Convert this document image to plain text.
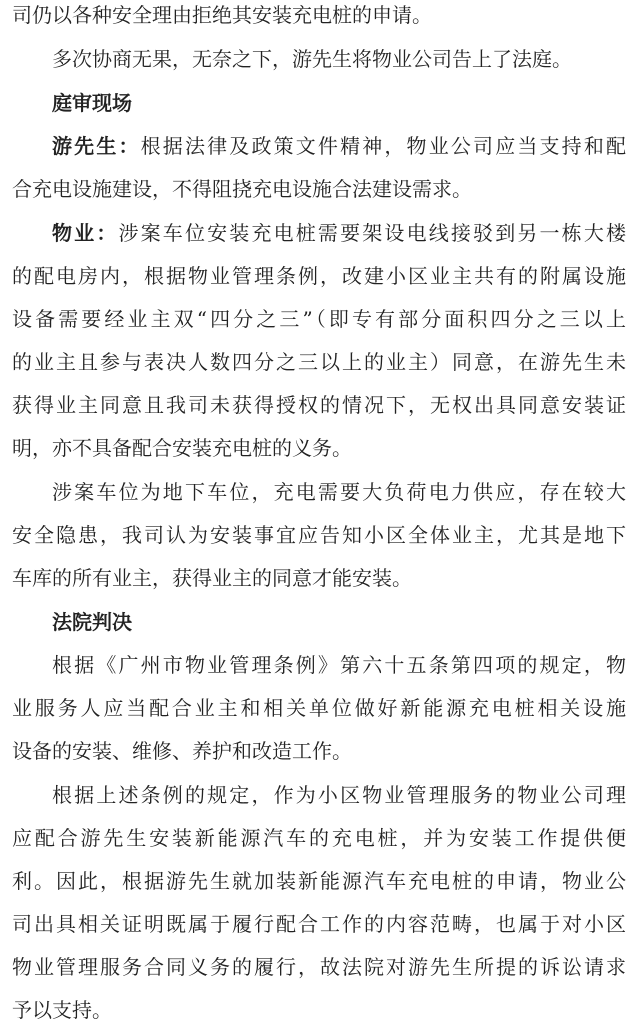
司仍以各种安全理由拒绝其安装充电桩的申请。
多次协商无果，无奈之下，游先生将物业公司告上了法庭。
庭审现场
游先生：根据法律及政策文件精神，物业公司应当支持和配
合充电设施建设，不得阻挠充电设施合法建设需求。
物业：涉案车位安装充电桩需要架设电线接驳到另一栋大楼
的配电房内，根据物业管理条例，改建小区业主共有的附属设施
设备需要经业主双“四分之三”（即专有部分面积四分之三以上
的业主且参与表决人数四分之三以上的业主）同意，在游先生未
获得业主同意且我司未获得授权的情况下，无权出具同意安装证
明，亦不具备配合安装充电桩的义务。
涉案车位为地下车位，充电需要大负荷电力供应，存在较大
安全隐患，我司认为安装事宜应告知小区全体业主，尤其是地下
车库的所有业主，获得业主的同意才能安装。
法院判决
根据《广州市物业管理条例》第六十五条第四项的规定，物
业服务人应当配合业主和相关单位做好新能源充电桩相关设施
设备的安装、维修、养护和改造工作。
根据上述条例的规定，作为小区物业管理服务的物业公司理
应配合游先生安装新能源汽车的充电桩，并为安装工作提供便
利。因此，根据游先生就加装新能源汽车充电桩的申请，物业公
司出具相关证明既属于履行配合工作的内容范畴，也属于对小区
物业管理服务合同义务的履行，故法院对游先生所提的诉讼请求
予以支持。
